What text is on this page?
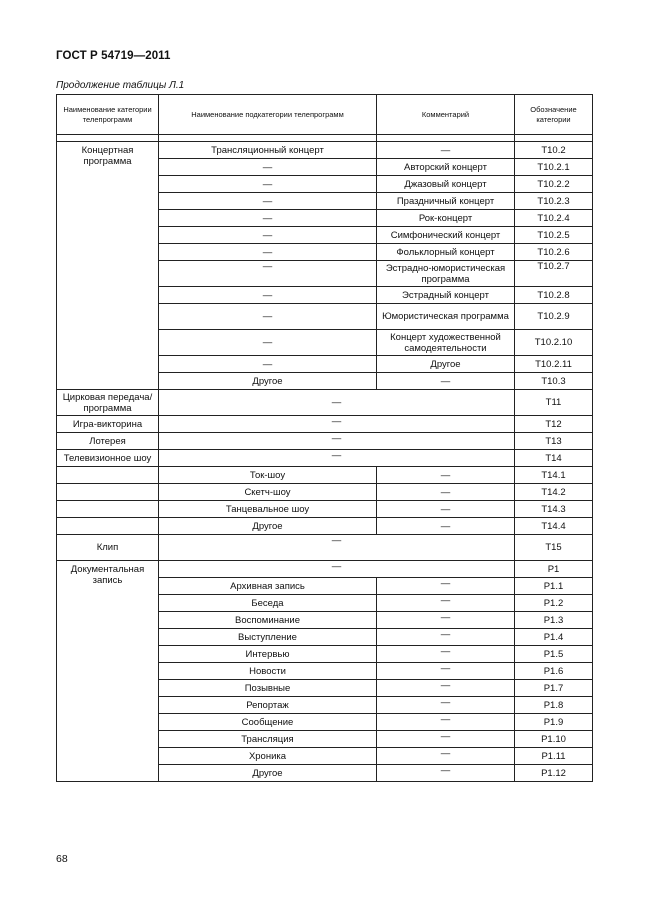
ГОСТ Р 54719—2011
Продолжение таблицы Л.1
Наименование категории телепрограмм	Наименование подкатегории телепрограмм	Комментарий	Обозначение категории

Концертная программа	Трансляционный концерт	—	T10.2
	—	Авторский концерт	T10.2.1
	—	Джазовый концерт	T10.2.2
	—	Праздничный концерт	T10.2.3
	—	Рок-концерт	T10.2.4
	—	Симфонический концерт	T10.2.5
	—	Фольклорный концерт	T10.2.6
	—	Эстрадно-юмористическая программа	T10.2.7
	—	Эстрадный концерт	T10.2.8
	—	Юмористическая программа	T10.2.9
	—	Концерт художественной самодеятельности	T10.2.10
	—	Другое	T10.2.11
	Другое	—	T10.3
Цирковая передача/ программа	—		T11
Игра-викторина	—		T12
Лотерея	—		T13
Телевизионное шоу	—		T14
	Ток-шоу	—	T14.1
	Скетч-шоу	—	T14.2
	Танцевальное шоу	—	T14.3
	Другое	—	T14.4
Клип	—		T15
Документальная запись	—		P1
	Архивная запись	—	P1.1
	Беседа	—	P1.2
	Воспоминание	—	P1.3
	Выступление	—	P1.4
	Интервью	—	P1.5
	Новости	—	P1.6
	Позывные	—	P1.7
	Репортаж	—	P1.8
	Сообщение	—	P1.9
	Трансляция	—	P1.10
	Хроника	—	P1.11
	Другое	—	P1.12
68
